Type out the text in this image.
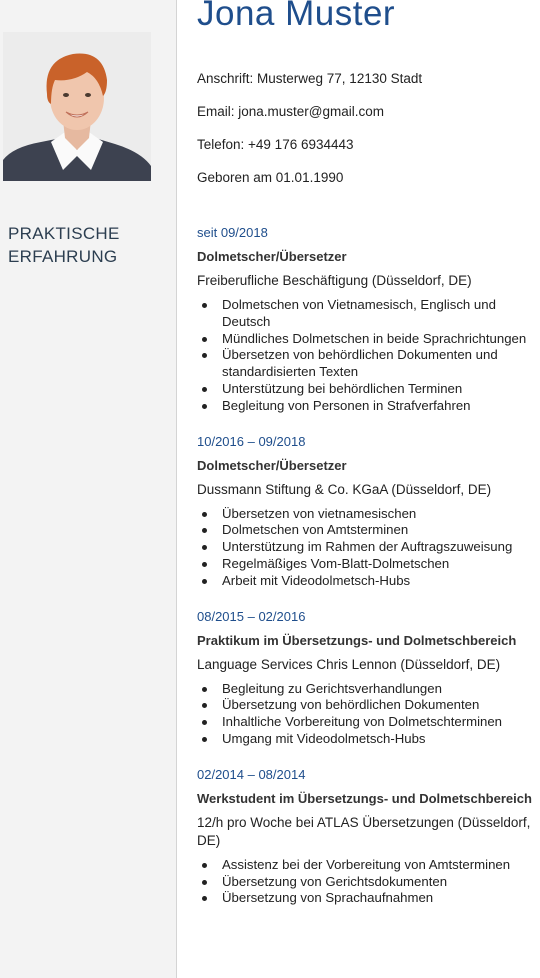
PRAKTISCHE ERFAHRUNG
Jona Muster
Anschrift: Musterweg 77, 12130 Stadt
Email: jona.muster@gmail.com
Telefon: +49 176 6934443
Geboren am 01.01.1990
seit 09/2018
Dolmetscher/Übersetzer
Freiberufliche Beschäftigung (Düsseldorf, DE)
Dolmetschen von Vietnamesisch, Englisch und Deutsch
Mündliches Dolmetschen in beide Sprachrichtungen
Übersetzen von behördlichen Dokumenten und standardisierten Texten
Unterstützung bei behördlichen Terminen
Begleitung von Personen in Strafverfahren
10/2016 – 09/2018
Dolmetscher/Übersetzer
Dussmann Stiftung & Co. KGaA (Düsseldorf, DE)
Übersetzen von vietnamesischen
Dolmetschen von Amtsterminen
Unterstützung im Rahmen der Auftragszuweisung
Regelmäßiges Vom-Blatt-Dolmetschen
Arbeit mit Videodolmetsch-Hubs
08/2015 – 02/2016
Praktikum im Übersetzungs- und Dolmetschbereich
Language Services Chris Lennon (Düsseldorf, DE)
Begleitung zu Gerichtsverhandlungen
Übersetzung von behördlichen Dokumenten
Inhaltliche Vorbereitung von Dolmetschterminen
Umgang mit Videodolmetsch-Hubs
02/2014 – 08/2014
Werkstudent im Übersetzungs- und Dolmetschbereich
12/h pro Woche bei ATLAS Übersetzungen (Düsseldorf, DE)
Assistenz bei der Vorbereitung von Amtsterminen
Übersetzung von Gerichtsdokumenten
Übersetzung von Sprachaufnahmen
